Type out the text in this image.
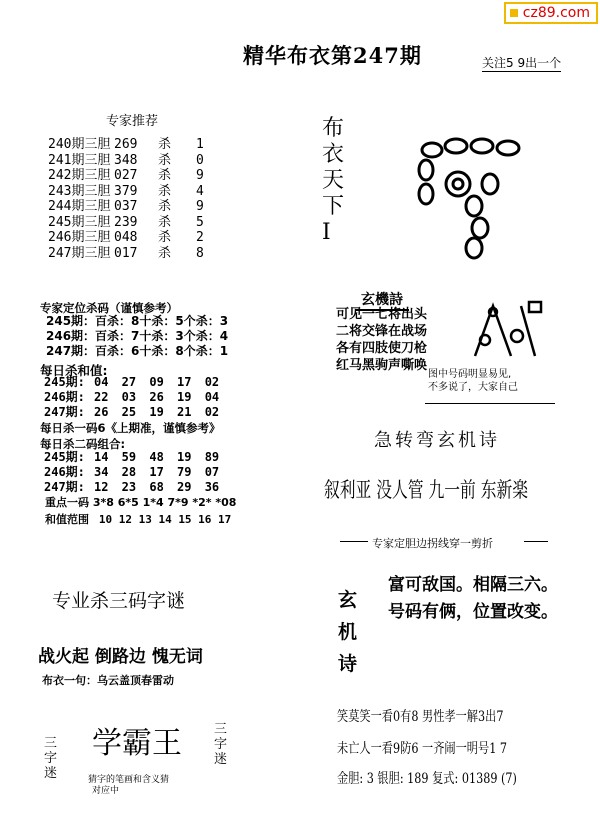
cz89.com
精华布衣第247期	关注5 9出一个
专家推荐
240期三胆 269 杀 1
241期三胆 348 杀 0
242期三胆 027 杀 9
243期三胆 379 杀 4
244期三胆 037 杀 9
245期三胆 239 杀 5
246期三胆 048 杀 2
247期三胆 017 杀 8
专家定位杀码（谨慎参考）
245期：百杀：8十杀：5个杀：3
246期：百杀：7十杀：3个杀：4
247期：百杀：6十杀：8个杀：1
每日杀和值:
245期: 04 27 09 17 02
246期: 22 03 26 19 04
247期: 26 25 19 21 02
每日杀一码6《上期准，谨慎参考》
每日杀二码组合:
245期: 14 59 48 19 89
246期: 34 28 17 79 07
247期: 12 23 68 29 36
重点一码 3*8 6*5 1*4 7*9 *2* *08
和值范围 10 12 13 14 15 16 17
布
衣
天
下
I
玄機詩
可见一七将出头
二将交锋在战场
各有四肢使刀枪
红马黑驹声嘶唤
图中号码明显易见,
不多说了，大家自己
急转弯玄机诗
叙利亚 没人管 九一前 东新楽
专家定胆边拐线穿一剪折
玄
机
诗
富可敌国。相隔三六。
号码有俩，位置改变。
笑莫笑一看0有8 男性孝一解3出7
未亡人一看9防6 一齐闹一明号1 7
金胆: 3 银胆: 189 复式: 01389 (7)
专业杀三码字谜
战火起 倒路边 愧无词
布衣一句：乌云盖顶春雷动
三
字
迷
学霸王 三
字
迷
猜字的笔画和含义猜
对应中
